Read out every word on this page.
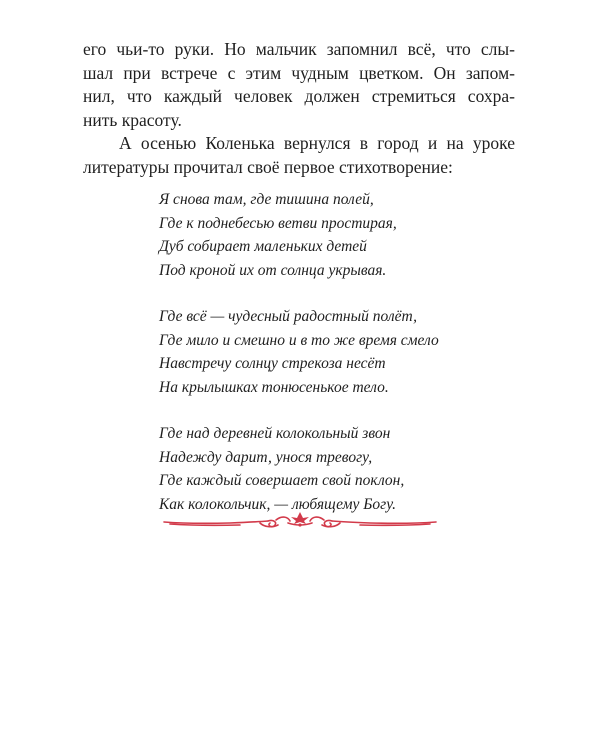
его чьи-то руки. Но мальчик запомнил всё, что слы-
шал при встрече с этим чудным цветком. Он запом-
нил, что каждый человек должен стремиться сохра-
нить красоту.
А осенью Коленька вернулся в город и на уроке
литературы прочитал своё первое стихотворение:
Я снова там, где тишина полей,
Где к поднебесью ветви простирая,
Дуб собирает маленьких детей
Под кроной их от солнца укрывая.
Где всё — чудесный радостный полёт,
Где мило и смешно и в то же время смело
Навстречу солнцу стрекоза несёт
На крылышках тонюсенькое тело.
Где над деревней колокольный звон
Надежду дарит, унося тревогу,
Где каждый совершает свой поклон,
Как колокольчик, — любящему Богу.
